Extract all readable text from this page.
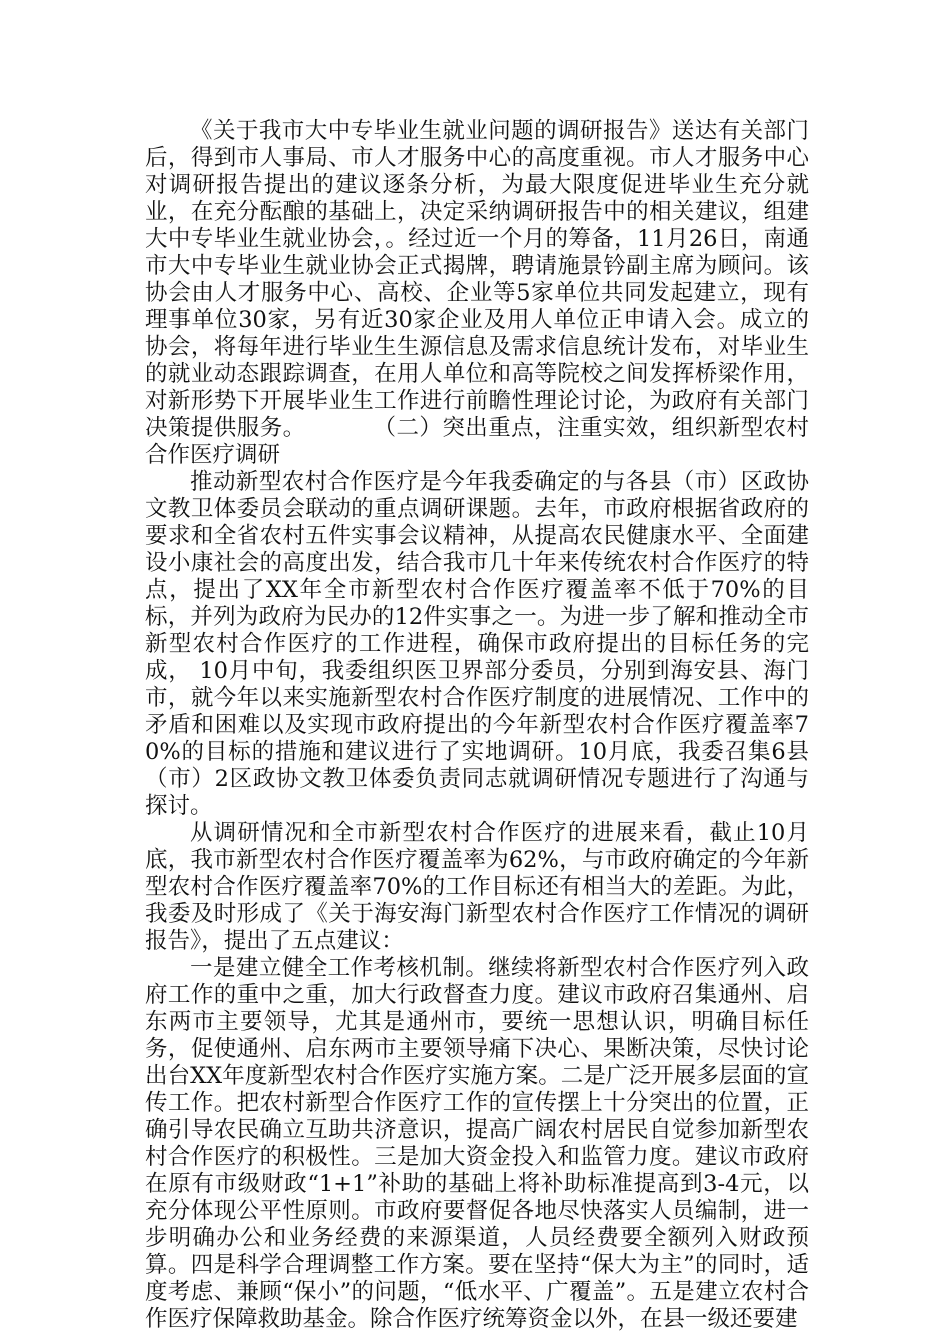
《关于我市大中专毕业生就业问题的调研报告》送达有关部门后，得到市人事局、市人才服务中心的高度重视。市人才服务中心对调研报告提出的建议逐条分析，为最大限度促进毕业生充分就业，在充分酝酿的基础上，决定采纳调研报告中的相关建议，组建大中专毕业生就业协会，。经过近一个月的筹备，11月26日，南通市大中专毕业生就业协会正式揭牌，聘请施景钤副主席为顾问。该协会由人才服务中心、高校、企业等5家单位共同发起建立，现有理事单位30家，另有近30家企业及用人单位正申请入会。成立的协会，将每年进行毕业生生源信息及需求信息统计发布，对毕业生的就业动态跟踪调查，在用人单位和高等院校之间发挥桥梁作用，对新形势下开展毕业生工作进行前瞻性理论讨论，为政府有关部门决策提供服务。	（二）突出重点，注重实效，组织新型农村合作医疗调研

推动新型农村合作医疗是今年我委确定的与各县（市）区政协文教卫体委员会联动的重点调研课题。去年，市政府根据省政府的要求和全省农村五件实事会议精神，从提高农民健康水平、全面建设小康社会的高度出发，结合我市几十年来传统农村合作医疗的特点，提出了XX年全市新型农村合作医疗覆盖率不低于70%的目标，并列为政府为民办的12件实事之一。为进一步了解和推动全市新型农村合作医疗的工作进程，确保市政府提出的目标任务的完成， 10月中旬，我委组织医卫界部分委员，分别到海安县、海门市，就今年以来实施新型农村合作医疗制度的进展情况、工作中的矛盾和困难以及实现市政府提出的今年新型农村合作医疗覆盖率70%的目标的措施和建议进行了实地调研。10月底，我委召集6县（市）2区政协文教卫体委负责同志就调研情况专题进行了沟通与探讨。

从调研情况和全市新型农村合作医疗的进展来看，截止10月底，我市新型农村合作医疗覆盖率为62%，与市政府确定的今年新型农村合作医疗覆盖率70%的工作目标还有相当大的差距。为此，我委及时形成了《关于海安海门新型农村合作医疗工作情况的调研报告》，提出了五点建议：

一是建立健全工作考核机制。继续将新型农村合作医疗列入政府工作的重中之重，加大行政督查力度。建议市政府召集通州、启东两市主要领导，尤其是通州市，要统一思想认识，明确目标任务，促使通州、启东两市主要领导痛下决心、果断决策，尽快讨论出台XX年度新型农村合作医疗实施方案。二是广泛开展多层面的宣传工作。把农村新型合作医疗工作的宣传摆上十分突出的位置，正确引导农民确立互助共济意识，提高广阔农村居民自觉参加新型农村合作医疗的积极性。三是加大资金投入和监管力度。建议市政府在原有市级财政“1+1”补助的基础上将补助标准提高到3-4元，以充分体现公平性原则。市政府要督促各地尽快落实人员编制，进一步明确办公和业务经费的来源渠道，人员经费要全额列入财政预算。四是科学合理调整工作方案。要在坚持“保大为主”的同时，适度考虑、兼顾“保小”的问题，“低水平、广覆盖”。五是建立农村合作医疗保障救助基金。除合作医疗统筹资金以外，在县一级还要建
